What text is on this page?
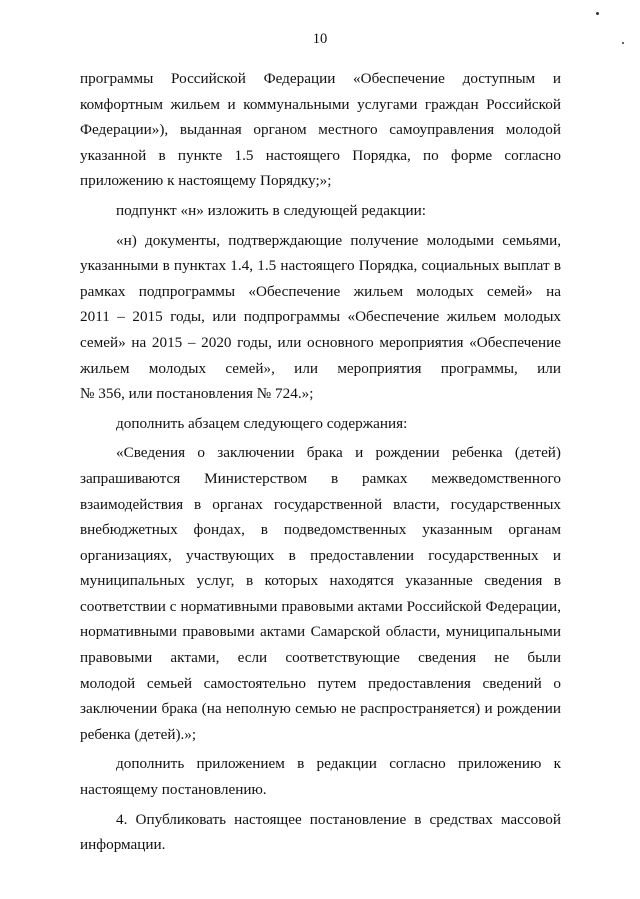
10
программы Российской Федерации «Обеспечение доступным и
комфортным жильем и коммунальными услугами граждан Российской
Федерации»), выданная органом местного самоуправления молодой
указанной в пункте 1.5 настоящего Порядка, по форме согласно
приложению к настоящему Порядку;»;
подпункт «н» изложить в следующей редакции:
«н) документы, подтверждающие получение молодыми семьями,
указанными в пунктах 1.4, 1.5 настоящего Порядка, социальных выплат в
рамках подпрограммы «Обеспечение жильем молодых семей» на
2011 – 2015 годы, или подпрограммы «Обеспечение жильем молодых
семей» на 2015 – 2020 годы, или основного мероприятия «Обеспечение
жильем молодых семей», или мероприятия программы, или
№ 356, или постановления № 724.»;
дополнить абзацем следующего содержания:
«Сведения о заключении брака и рождении ребенка (детей)
запрашиваются Министерством в рамках межведомственного
взаимодействия в органах государственной власти, государственных
внебюджетных фондах, в подведомственных указанным органам
организациях, участвующих в предоставлении государственных и
муниципальных услуг, в которых находятся указанные сведения в
соответствии с нормативными правовыми актами Российской Федерации,
нормативными правовыми актами Самарской области, муниципальными
правовыми актами, если соответствующие сведения не были
молодой семьей самостоятельно путем предоставления сведений о
заключении брака (на неполную семью не распространяется) и рождении
ребенка (детей).»;
дополнить приложением в редакции согласно приложению к
настоящему постановлению.
4. Опубликовать настоящее постановление в средствах массовой
информации.
